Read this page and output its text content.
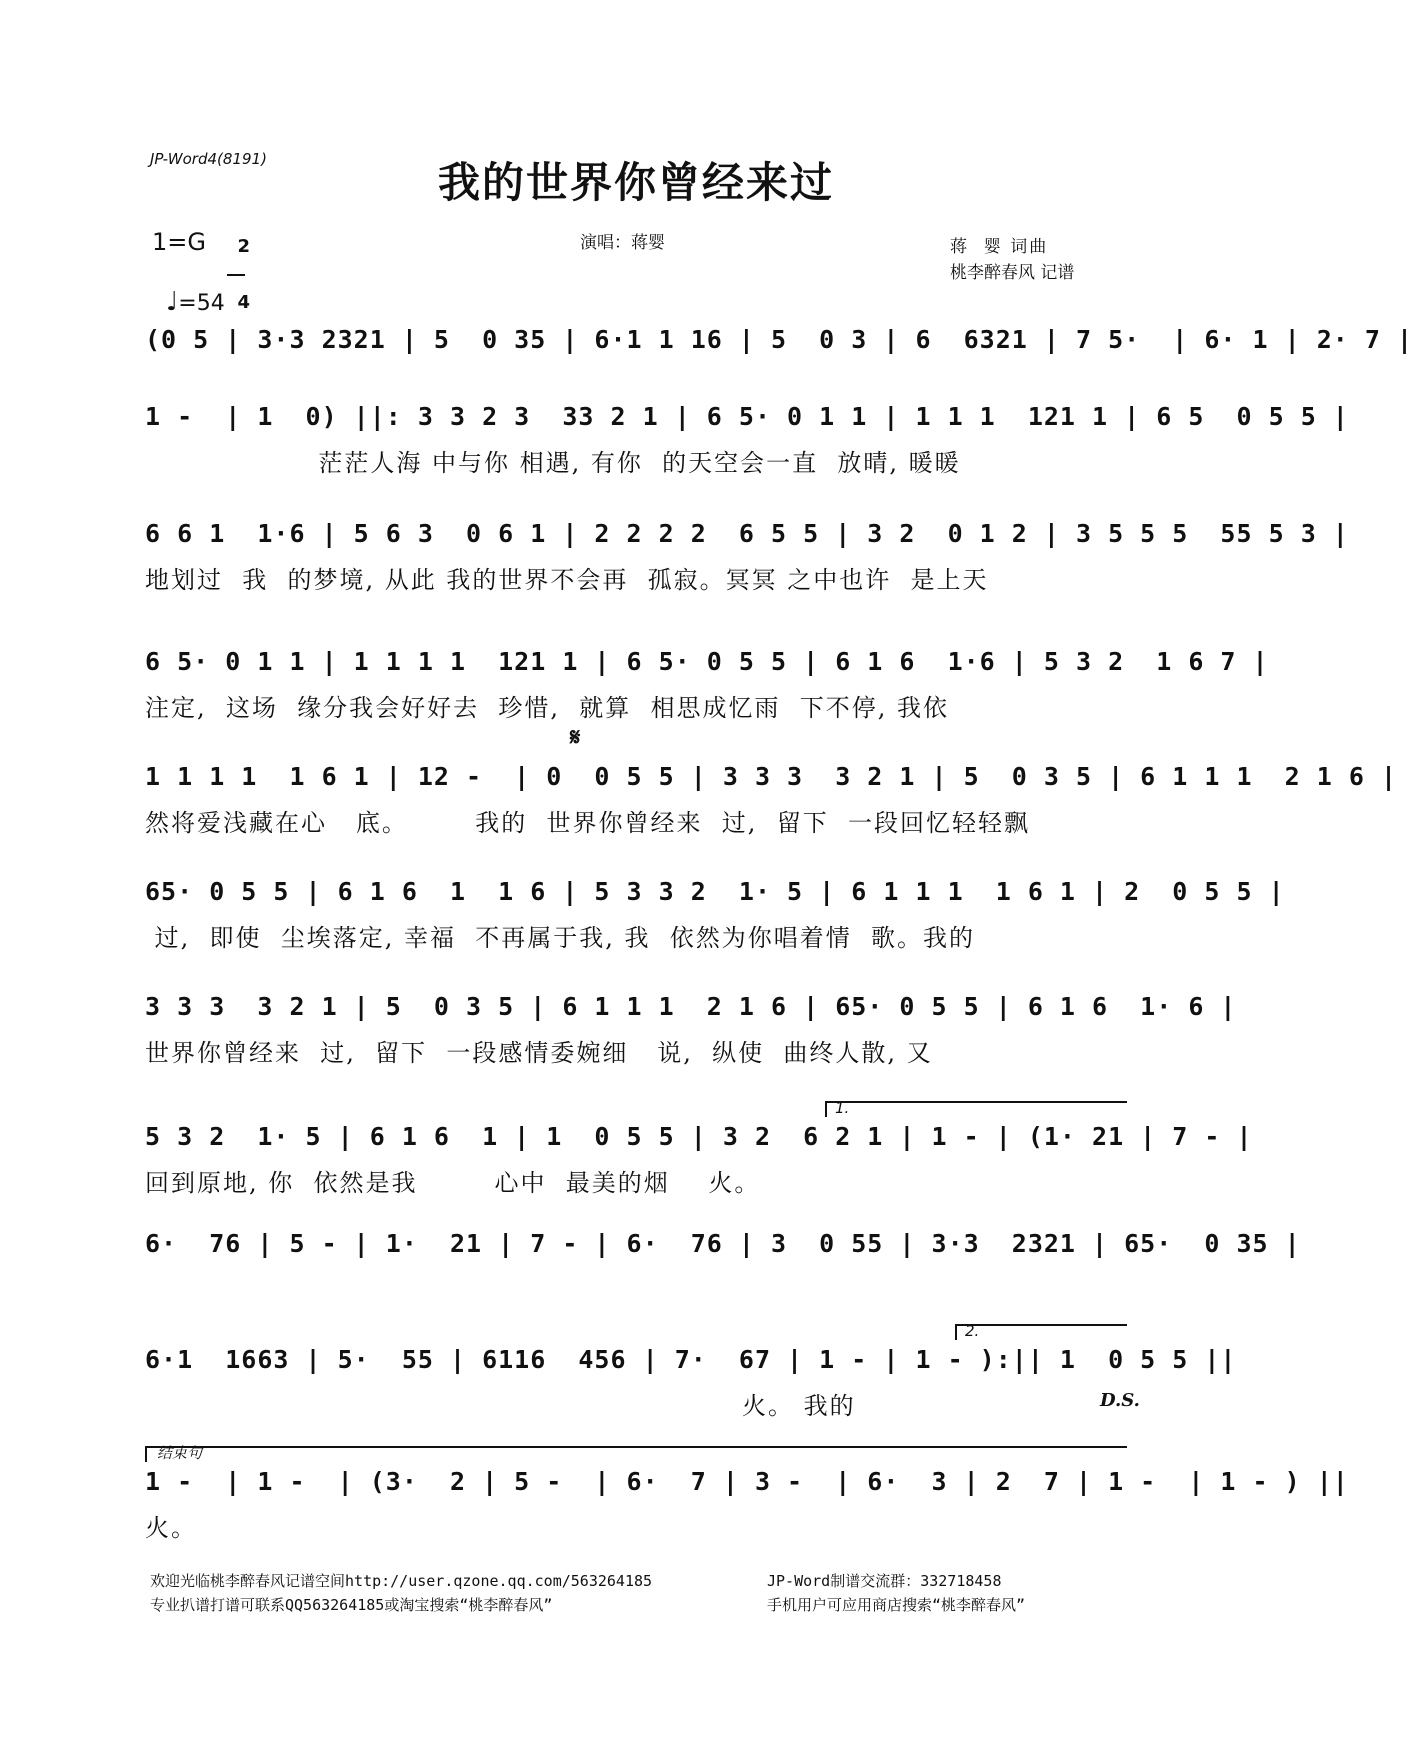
JP-Word4(8191)	我的世界你曾经来过
1=G	2

4

♩=54

演唱：蒋婴	蒋  婴 词曲
桃李醉春风 记谱
(0 5 | 3·3 2321 | 5  0 35 | 6·1 1 16 | 5  0 3 | 6  6321 | 7 5·  | 6· 1 | 2· 7 |
1 -  | 1  0) ||: 3 3 2 3  33 2 1 | 6 5· 0 1 1 | 1 1 1  121 1 | 6 5  0 5 5 |
茫茫人海 中与你 相遇, 有你  的天空会一直  放晴, 暖暖
6 6 1  1·6 | 5 6 3  0 6 1 | 2 2 2 2  6 5 5 | 3 2  0 1 2 | 3 5 5 5  55 5 3 |
地划过  我  的梦境, 从此 我的世界不会再  孤寂。冥冥 之中也许  是上天
6 5· 0 1 1 | 1 1 1 1  121 1 | 6 5· 0 5 5 | 6 1 6  1·6 | 5 3 2  1 6 7 |
注定,  这场  缘分我会好好去  珍惜,  就算  相思成忆雨  下不停, 我依
𝄋
1 1 1 1  1 6 1 | 12 -  | 0  0 5 5 | 3 3 3  3 2 1 | 5  0 3 5 | 6 1 1 1  2 1 6 |
然将爱浅藏在心   底。       我的  世界你曾经来  过,  留下  一段回忆轻轻飘
65· 0 5 5 | 6 1 6  1  1 6 | 5 3 3 2  1· 5 | 6 1 1 1  1 6 1 | 2  0 5 5 |
过,  即使  尘埃落定, 幸福  不再属于我, 我  依然为你唱着情  歌。我的
3 3 3  3 2 1 | 5  0 3 5 | 6 1 1 1  2 1 6 | 65· 0 5 5 | 6 1 6  1· 6 |
世界你曾经来  过,  留下  一段感情委婉细   说,  纵使  曲终人散, 又
1.
5 3 2  1· 5 | 6 1 6  1 | 1  0 5 5 | 3 2  6 2 1 | 1 - | (1· 21 | 7 - |
回到原地, 你  依然是我        心中  最美的烟    火。
6·  76 | 5 - | 1·  21 | 7 - | 6·  76 | 3  0 55 | 3·3  2321 | 65·  0 35 |
2.
6·1  1663 | 5·  55 | 6116  456 | 7·  67 | 1 - | 1 - ):|| 1  0 5 5 ||
火。 我的	D.S.
结束句
1 -  | 1 -  | (3·  2 | 5 -  | 6·  7 | 3 -  | 6·  3 | 2  7 | 1 -  | 1 - ) ||
火。
欢迎光临桃李醉春风记谱空间http://user.qzone.qq.com/563264185	JP-Word制谱交流群：332718458
专业扒谱打谱可联系QQ563264185或淘宝搜索“桃李醉春风”	手机用户可应用商店搜索“桃李醉春风”
